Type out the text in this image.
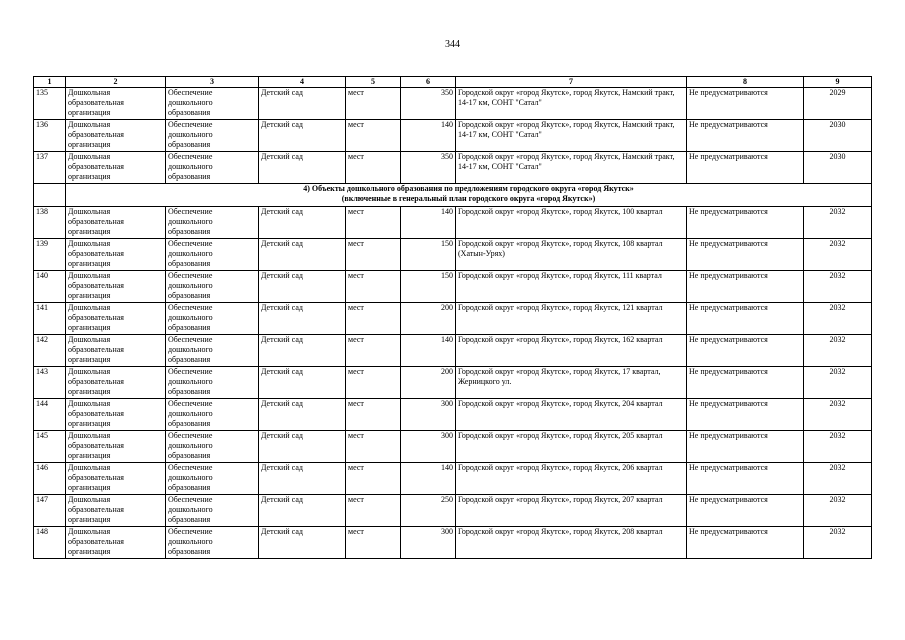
344
1	2	3	4	5	6	7	8	9
135	Дошкольная образовательная организация	Обеспечение дошкольного образования	Детский сад	мест	350	Городской округ «город Якутск», город Якутск, Намский тракт, 14-17 км, СОНТ "Сатал"	Не предусматриваются	2029
136	Дошкольная образовательная организация	Обеспечение дошкольного образования	Детский сад	мест	140	Городской округ «город Якутск», город Якутск, Намский тракт, 14-17 км, СОНТ "Сатал"	Не предусматриваются	2030
137	Дошкольная образовательная организация	Обеспечение дошкольного образования	Детский сад	мест	350	Городской округ «город Якутск», город Якутск, Намский тракт, 14-17 км, СОНТ "Сатал"	Не предусматриваются	2030

	4) Объекты дошкольного образования по предложениям городского округа «город Якутск»
(включенные в генеральный план городского округа «город Якутск»)							

138	Дошкольная образовательная организация	Обеспечение дошкольного образования	Детский сад	мест	140	Городской округ «город Якутск», город Якутск, 100 квартал	Не предусматриваются	2032
139	Дошкольная образовательная организация	Обеспечение дошкольного образования	Детский сад	мест	150	Городской округ «город Якутск», город Якутск, 108 квартал (Хатын-Урях)	Не предусматриваются	2032
140	Дошкольная образовательная организация	Обеспечение дошкольного образования	Детский сад	мест	150	Городской округ «город Якутск», город Якутск, 111 квартал	Не предусматриваются	2032
141	Дошкольная образовательная организация	Обеспечение дошкольного образования	Детский сад	мест	200	Городской округ «город Якутск», город Якутск, 121 квартал	Не предусматриваются	2032
142	Дошкольная образовательная организация	Обеспечение дошкольного образования	Детский сад	мест	140	Городской округ «город Якутск», город Якутск, 162 квартал	Не предусматриваются	2032
143	Дошкольная образовательная организация	Обеспечение дошкольного образования	Детский сад	мест	200	Городской округ «город Якутск», город Якутск, 17 квартал, Жерницкого ул.	Не предусматриваются	2032
144	Дошкольная образовательная организация	Обеспечение дошкольного образования	Детский сад	мест	300	Городской округ «город Якутск», город Якутск, 204 квартал	Не предусматриваются	2032
145	Дошкольная образовательная организация	Обеспечение дошкольного образования	Детский сад	мест	300	Городской округ «город Якутск», город Якутск, 205 квартал	Не предусматриваются	2032
146	Дошкольная образовательная организация	Обеспечение дошкольного образования	Детский сад	мест	140	Городской округ «город Якутск», город Якутск, 206 квартал	Не предусматриваются	2032
147	Дошкольная образовательная организация	Обеспечение дошкольного образования	Детский сад	мест	250	Городской округ «город Якутск», город Якутск, 207 квартал	Не предусматриваются	2032
148	Дошкольная образовательная организация	Обеспечение дошкольного образования	Детский сад	мест	300	Городской округ «город Якутск», город Якутск, 208 квартал	Не предусматриваются	2032
